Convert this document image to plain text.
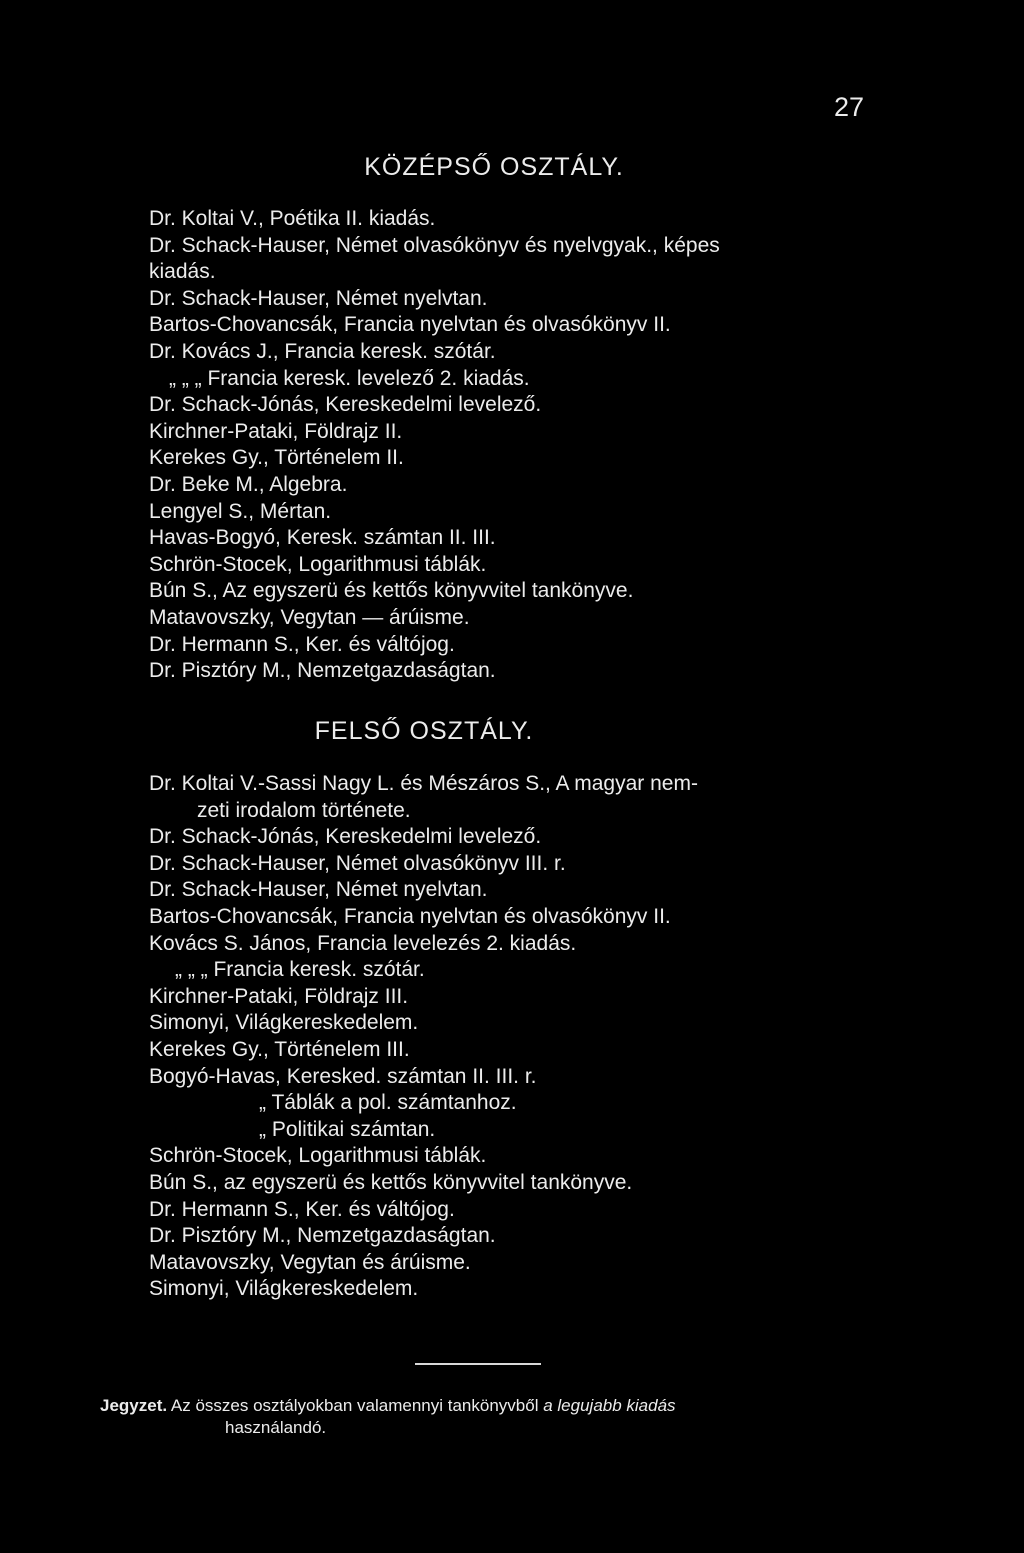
27
KÖZÉPSŐ OSZTÁLY.
Dr. Koltai V., Poétika II. kiadás.
Dr. Schack-Hauser, Német olvasókönyv és nyelvgyak., képes
kiadás.
Dr. Schack-Hauser, Német nyelvtan.
Bartos-Chovancsák, Francia nyelvtan és olvasókönyv II.
Dr. Kovács J., Francia keresk. szótár.
„ „ „ Francia keresk. levelező 2. kiadás.
Dr. Schack-Jónás, Kereskedelmi levelező.
Kirchner-Pataki, Földrajz II.
Kerekes Gy., Történelem II.
Dr. Beke M., Algebra.
Lengyel S., Mértan.
Havas-Bogyó, Keresk. számtan II. III.
Schrön-Stocek, Logarithmusi táblák.
Bún S., Az egyszerü és kettős könyvvitel tankönyve.
Matavovszky, Vegytan — árúisme.
Dr. Hermann S., Ker. és váltójog.
Dr. Pisztóry M., Nemzetgazdaságtan.
FELSŐ OSZTÁLY.
Dr. Koltai V.-Sassi Nagy L. és Mészáros S., A magyar nem-
zeti irodalom története.
Dr. Schack-Jónás, Kereskedelmi levelező.
Dr. Schack-Hauser, Német olvasókönyv III. r.
Dr. Schack-Hauser, Német nyelvtan.
Bartos-Chovancsák, Francia nyelvtan és olvasókönyv II.
Kovács S. János, Francia levelezés 2. kiadás.
„ „ „ Francia keresk. szótár.
Kirchner-Pataki, Földrajz III.
Simonyi, Világkereskedelem.
Kerekes Gy., Történelem III.
Bogyó-Havas, Keresked. számtan II. III. r.
„ Táblák a pol. számtanhoz.
„ Politikai számtan.
Schrön-Stocek, Logarithmusi táblák.
Bún S., az egyszerü és kettős könyvvitel tankönyve.
Dr. Hermann S., Ker. és váltójog.
Dr. Pisztóry M., Nemzetgazdaságtan.
Matavovszky, Vegytan és árúisme.
Simonyi, Világkereskedelem.
Jegyzet. Az összes osztályokban valamennyi tankönyvből a legujabb kiadás
használandó.
